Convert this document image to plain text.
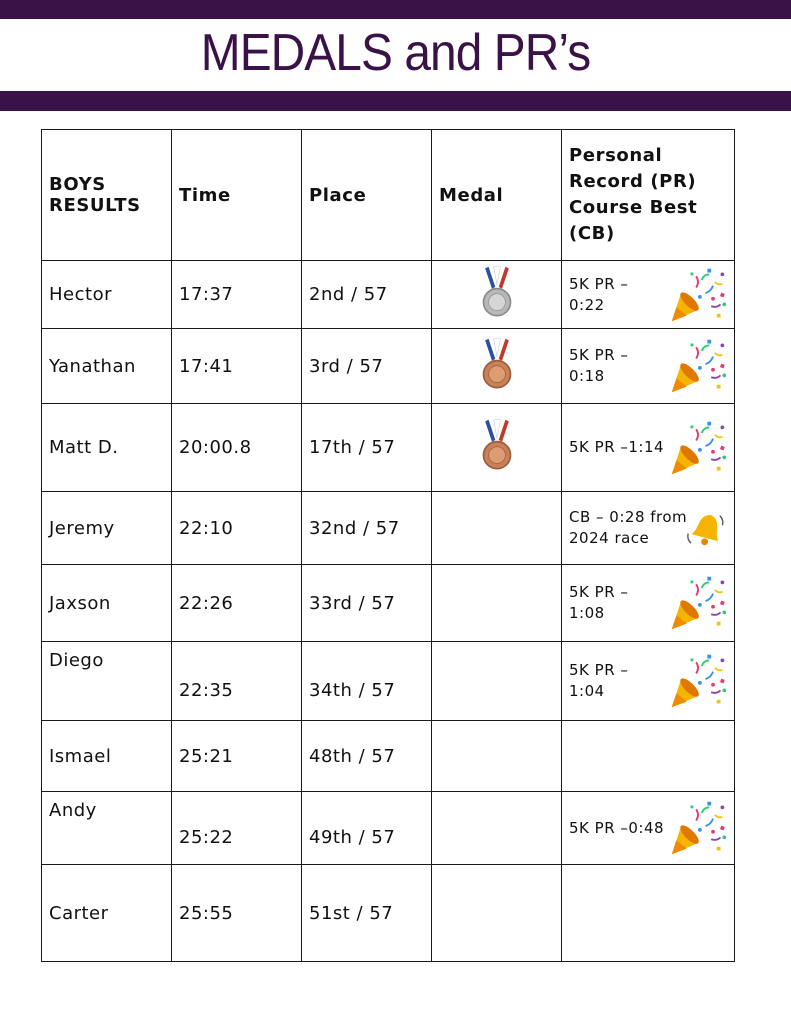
MEDALS and PR’s
BOYS RESULTS	Time	Place	Medal	Personal Record (PR) Course Best (CB)
Hector	17:37	2nd / 57		5K PR – 0:22

Yanathan	17:41	3rd / 57		5K PR – 0:18

Matt D.	20:00.8	17th / 57		5K PR –1:14

Jeremy	22:10	32nd / 57		CB – 0:28 from 2024 race

Jaxson	22:26	33rd / 57		5K PR – 1:08

Diego	22:35	34th / 57		5K PR – 1:04

Ismael	25:21	48th / 57		
Andy	25:22	49th / 57		5K PR –0:48

Carter	25:55	51st / 57		
